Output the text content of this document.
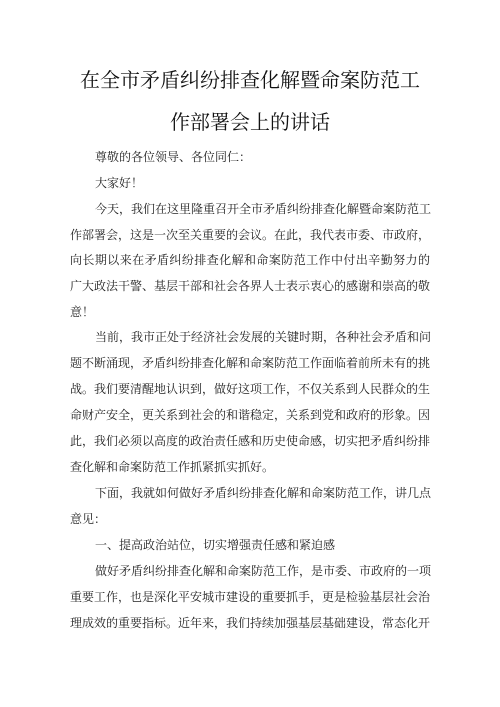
在全市矛盾纠纷排查化解暨命案防范工
作部署会上的讲话

尊敬的各位领导、各位同仁：

大家好！

今天，我们在这里隆重召开全市矛盾纠纷排查化解暨命案防范工

作部署会，这是一次至关重要的会议。在此，我代表市委、市政府，

向长期以来在矛盾纠纷排查化解和命案防范工作中付出辛勤努力的

广大政法干警、基层干部和社会各界人士表示衷心的感谢和崇高的敬

意！

当前，我市正处于经济社会发展的关键时期，各种社会矛盾和问

题不断涌现，矛盾纠纷排查化解和命案防范工作面临着前所未有的挑

战。我们要清醒地认识到，做好这项工作，不仅关系到人民群众的生

命财产安全，更关系到社会的和谐稳定，关系到党和政府的形象。因

此，我们必须以高度的政治责任感和历史使命感，切实把矛盾纠纷排

查化解和命案防范工作抓紧抓实抓好。

下面，我就如何做好矛盾纠纷排查化解和命案防范工作，讲几点

意见：

一、提高政治站位，切实增强责任感和紧迫感

做好矛盾纠纷排查化解和命案防范工作，是市委、市政府的一项

重要工作，也是深化平安城市建设的重要抓手，更是检验基层社会治

理成效的重要指标。近年来，我们持续加强基层基础建设，常态化开
